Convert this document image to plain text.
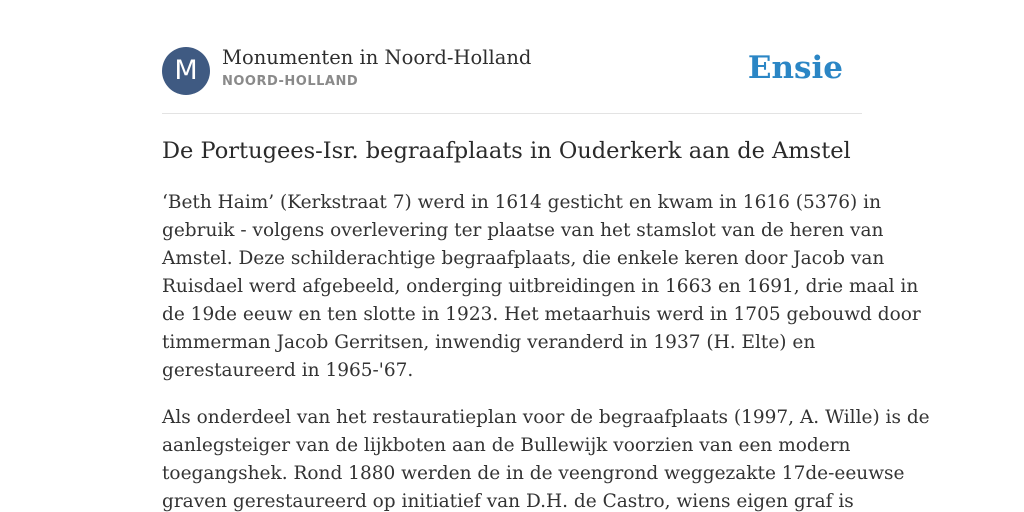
M	Monumenten in Noord-Holland
NOORD-HOLLAND	Ensie
De Portugees-Isr. begraafplaats in Ouderkerk aan de Amstel

‘Beth Haim’ (Kerkstraat 7) werd in 1614 gesticht en kwam in 1616 (5376) in
gebruik - volgens overlevering ter plaatse van het stamslot van de heren van
Amstel. Deze schilderachtige begraafplaats, die enkele keren door Jacob van
Ruisdael werd afgebeeld, onderging uitbreidingen in 1663 en 1691, drie maal in
de 19de eeuw en ten slotte in 1923. Het metaarhuis werd in 1705 gebouwd door
timmerman Jacob Gerritsen, inwendig veranderd in 1937 (H. Elte) en
gerestaureerd in 1965-'67.

Als onderdeel van het restauratieplan voor de begraafplaats (1997, A. Wille) is de
aanlegsteiger van de lijkboten aan de Bullewijk voorzien van een modern
toegangshek. Rond 1880 werden de in de veengrond weggezakte 17de-eeuwse
graven gerestaureerd op initiatief van D.H. de Castro, wiens eigen graf is
